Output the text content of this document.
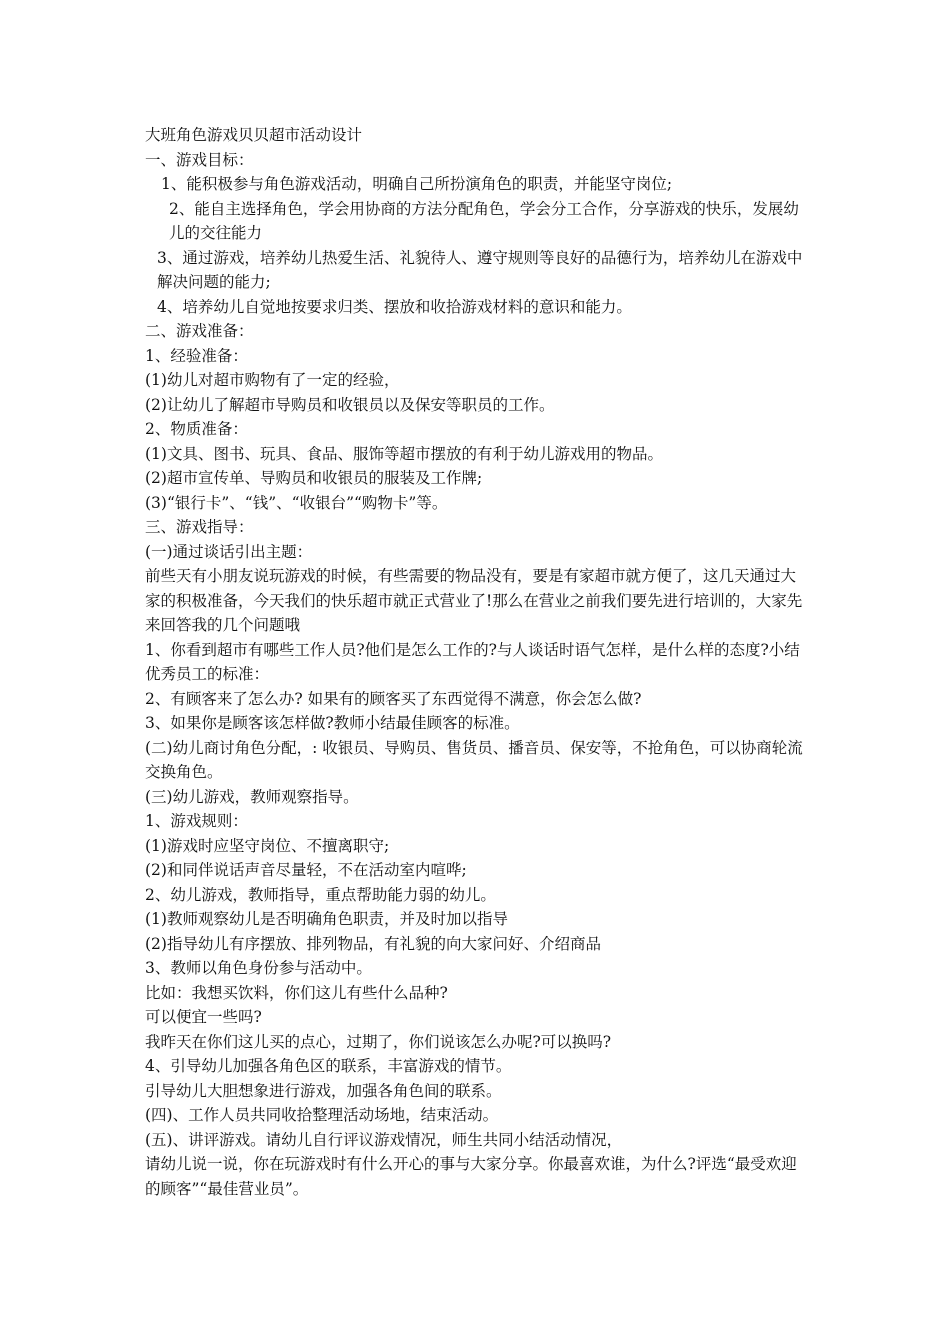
大班角色游戏贝贝超市活动设计
一、游戏目标：
1、能积极参与角色游戏活动，明确自己所扮演角色的职责，并能坚守岗位;
2、能自主选择角色，学会用协商的方法分配角色，学会分工合作，分享游戏的快乐，发展幼儿的交往能力
3、通过游戏，培养幼儿热爱生活、礼貌待人、遵守规则等良好的品德行为，培养幼儿在游戏中解决问题的能力;
4、培养幼儿自觉地按要求归类、摆放和收拾游戏材料的意识和能力。
二、游戏准备：
1、经验准备：
(1)幼儿对超市购物有了一定的经验，
(2)让幼儿了解超市导购员和收银员以及保安等职员的工作。
2、物质准备：
(1)文具、图书、玩具、食品、服饰等超市摆放的有利于幼儿游戏用的物品。
(2)超市宣传单、导购员和收银员的服装及工作牌;
(3)“银行卡”、“钱”、“收银台”“购物卡”等。
三、游戏指导：
(一)通过谈话引出主题：
前些天有小朋友说玩游戏的时候，有些需要的物品没有，要是有家超市就方便了，这几天通过大家的积极准备，今天我们的快乐超市就正式营业了!那么在营业之前我们要先进行培训的，大家先来回答我的几个问题哦
1、你看到超市有哪些工作人员?他们是怎么工作的?与人谈话时语气怎样，是什么样的态度?小结优秀员工的标准：
2、有顾客来了怎么办? 如果有的顾客买了东西觉得不满意，你会怎么做?
3、如果你是顾客该怎样做?教师小结最佳顾客的标准。
(二)幼儿商讨角色分配，: 收银员、导购员、售货员、播音员、保安等，不抢角色，可以协商轮流交换角色。
(三)幼儿游戏，教师观察指导。
1、游戏规则：
(1)游戏时应坚守岗位、不擅离职守;
(2)和同伴说话声音尽量轻，不在活动室内喧哗;
2、幼儿游戏，教师指导，重点帮助能力弱的幼儿。
(1)教师观察幼儿是否明确角色职责，并及时加以指导
(2)指导幼儿有序摆放、排列物品，有礼貌的向大家问好、介绍商品
3、教师以角色身份参与活动中。
比如：我想买饮料，你们这儿有些什么品种?
可以便宜一些吗?
我昨天在你们这儿买的点心，过期了，你们说该怎么办呢?可以换吗?
4、引导幼儿加强各角色区的联系，丰富游戏的情节。
引导幼儿大胆想象进行游戏，加强各角色间的联系。
(四)、工作人员共同收拾整理活动场地，结束活动。
(五)、讲评游戏。请幼儿自行评议游戏情况，师生共同小结活动情况，
请幼儿说一说，你在玩游戏时有什么开心的事与大家分享。你最喜欢谁，为什么?评选“最受欢迎的顾客”“最佳营业员”。
